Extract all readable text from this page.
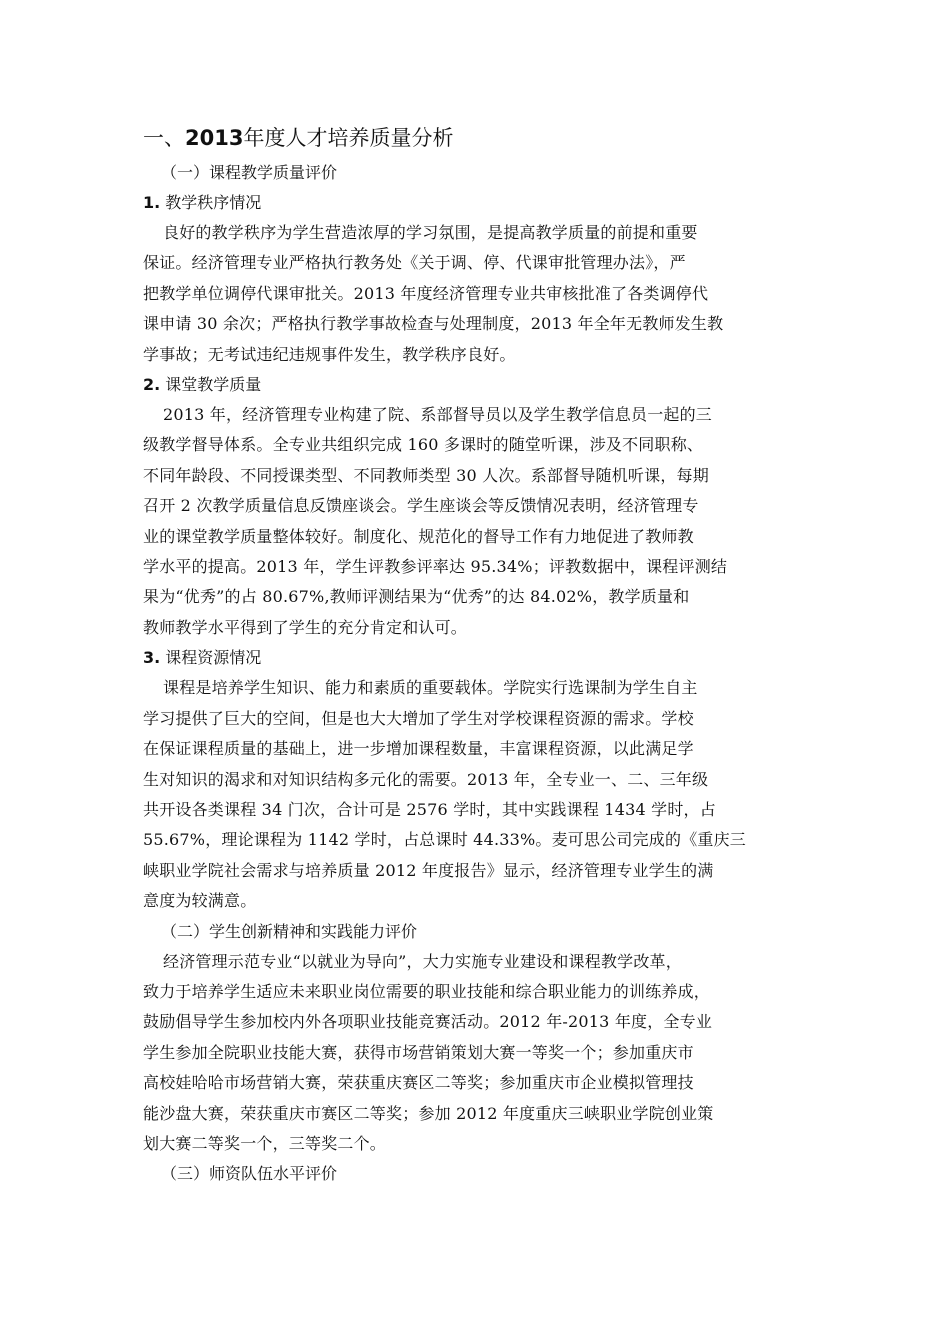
一、2013年度人才培养质量分析
（一）课程教学质量评价
1. 教学秩序情况
良好的教学秩序为学生营造浓厚的学习氛围，是提高教学质量的前提和重要
保证。经济管理专业严格执行教务处《关于调、停、代课审批管理办法》，严
把教学单位调停代课审批关。2013 年度经济管理专业共审核批准了各类调停代
课申请 30 余次；严格执行教学事故检查与处理制度，2013 年全年无教师发生教
学事故；无考试违纪违规事件发生，教学秩序良好。
2. 课堂教学质量
2013 年，经济管理专业构建了院、系部督导员以及学生教学信息员一起的三
级教学督导体系。全专业共组织完成 160 多课时的随堂听课，涉及不同职称、
不同年龄段、不同授课类型、不同教师类型 30 人次。系部督导随机听课，每期
召开 2 次教学质量信息反馈座谈会。学生座谈会等反馈情况表明，经济管理专
业的课堂教学质量整体较好。制度化、规范化的督导工作有力地促进了教师教
学水平的提高。2013 年，学生评教参评率达 95.34%；评教数据中，课程评测结
果为“优秀”的占 80.67%,教师评测结果为“优秀”的达 84.02%，教学质量和
教师教学水平得到了学生的充分肯定和认可。
3. 课程资源情况
课程是培养学生知识、能力和素质的重要载体。学院实行选课制为学生自主
学习提供了巨大的空间，但是也大大增加了学生对学校课程资源的需求。学校
在保证课程质量的基础上，进一步增加课程数量，丰富课程资源，以此满足学
生对知识的渴求和对知识结构多元化的需要。2013 年，全专业一、二、三年级
共开设各类课程 34 门次，合计可是 2576 学时，其中实践课程 1434 学时，占
55.67%，理论课程为 1142 学时，占总课时 44.33%。麦可思公司完成的《重庆三
峡职业学院社会需求与培养质量 2012 年度报告》显示，经济管理专业学生的满
意度为较满意。
（二）学生创新精神和实践能力评价
经济管理示范专业“以就业为导向”，大力实施专业建设和课程教学改革，
致力于培养学生适应未来职业岗位需要的职业技能和综合职业能力的训练养成，
鼓励倡导学生参加校内外各项职业技能竞赛活动。2012 年-2013 年度，全专业
学生参加全院职业技能大赛，获得市场营销策划大赛一等奖一个；参加重庆市
高校娃哈哈市场营销大赛，荣获重庆赛区二等奖；参加重庆市企业模拟管理技
能沙盘大赛，荣获重庆市赛区二等奖；参加 2012 年度重庆三峡职业学院创业策
划大赛二等奖一个，三等奖二个。
（三）师资队伍水平评价
